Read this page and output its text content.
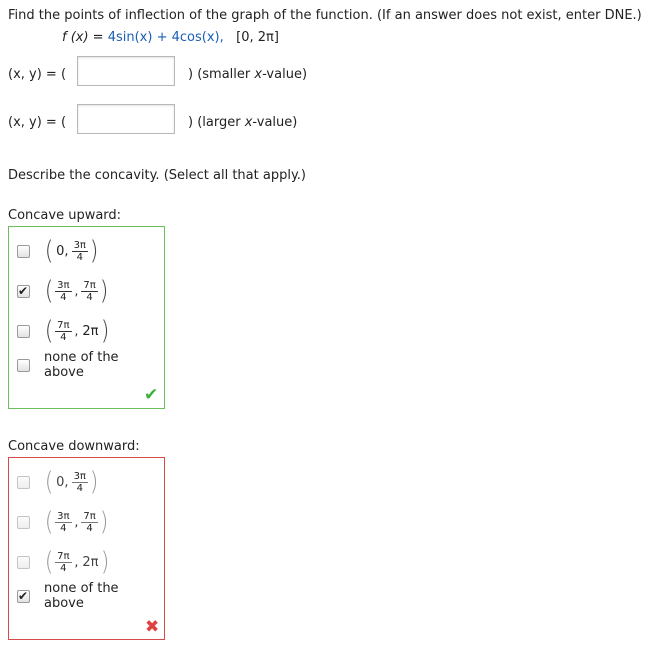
Find the points of inflection of the graph of the function. (If an answer does not exist, enter DNE.)
f (x) = 4sin(x) + 4cos(x), [0, 2π]
(x, y) = (	) (smaller x-value)
(x, y) = (	) (larger x-value)
Describe the concavity. (Select all that apply.)
Concave upward:
( 0, $\frac{3\pi}{4}$ )
✔ ( $\frac{3\pi}{4}$ , $\frac{7\pi}{4}$ )
( $\frac{7\pi}{4}$ , 2π )
none of the above
✔
Concave downward:
( 0, $\frac{3\pi}{4}$ )
( $\frac{3\pi}{4}$ , $\frac{7\pi}{4}$ )
( $\frac{7\pi}{4}$ , 2π )
✔ none of the above
✖
